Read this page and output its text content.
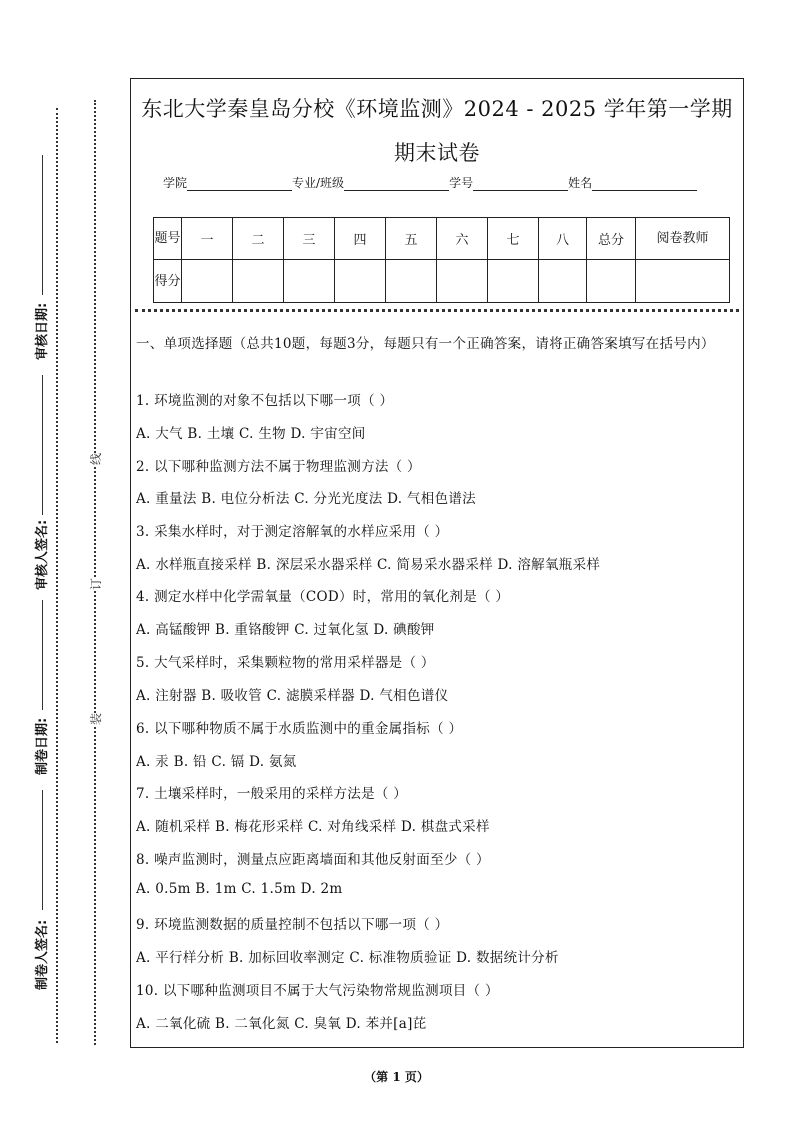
审核日期:
审核人签名:
制卷日期:
制卷人签名:
线
订
装
东北大学秦皇岛分校《环境监测》2024 - 2025 学年第一学期期末试卷
学院	专业/班级	学号	姓名
题号	一	二	三	四	五	六	七	八	总分	阅卷教师
得分										
一、单项选择题（总共10题，每题3分，每题只有一个正确答案，请将正确答案填写在括号内）
1. 环境监测的对象不包括以下哪一项（ ）
A. 大气 B. 土壤 C. 生物 D. 宇宙空间
2. 以下哪种监测方法不属于物理监测方法（ ）
A. 重量法 B. 电位分析法 C. 分光光度法 D. 气相色谱法
3. 采集水样时，对于测定溶解氧的水样应采用（ ）
A. 水样瓶直接采样 B. 深层采水器采样 C. 简易采水器采样 D. 溶解氧瓶采样
4. 测定水样中化学需氧量（COD）时，常用的氧化剂是（ ）
A. 高锰酸钾 B. 重铬酸钾 C. 过氧化氢 D. 碘酸钾
5. 大气采样时，采集颗粒物的常用采样器是（ ）
A. 注射器 B. 吸收管 C. 滤膜采样器 D. 气相色谱仪
6. 以下哪种物质不属于水质监测中的重金属指标（ ）
A. 汞 B. 铅 C. 镉 D. 氨氮
7. 土壤采样时，一般采用的采样方法是（ ）
A. 随机采样 B. 梅花形采样 C. 对角线采样 D. 棋盘式采样
8. 噪声监测时，测量点应距离墙面和其他反射面至少（ ）
A. 0.5m B. 1m C. 1.5m D. 2m
9. 环境监测数据的质量控制不包括以下哪一项（ ）
A. 平行样分析 B. 加标回收率测定 C. 标准物质验证 D. 数据统计分析
10. 以下哪种监测项目不属于大气污染物常规监测项目（ ）
A. 二氧化硫 B. 二氧化氮 C. 臭氧 D. 苯并[a]芘
（第 1 页）
